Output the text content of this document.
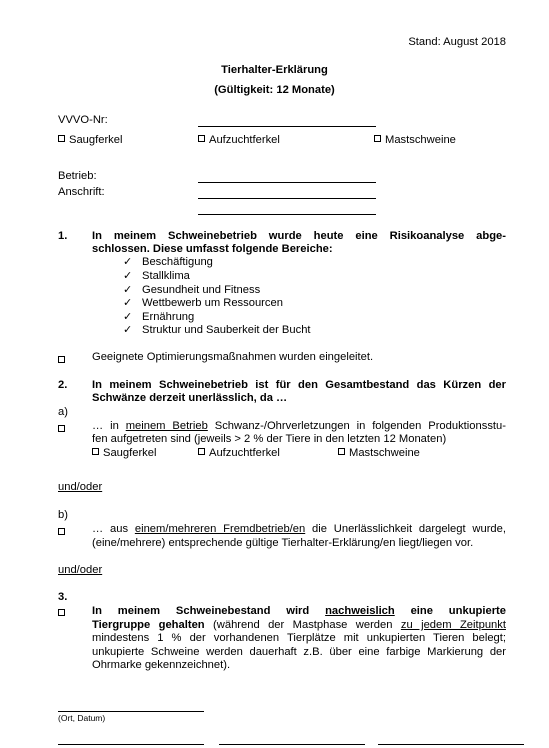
Stand: August 2018
Tierhalter-Erklärung
(Gültigkeit: 12 Monate)
VVVO-Nr:
Saugferkel	Aufzuchtferkel	Mastschweine
Betrieb:
Anschrift:
1. In meinem Schweinebetrieb wurde heute eine Risikoanalyse abge-
schlossen. Diese umfasst folgende Bereiche:
✓ Beschäftigung
✓ Stallklima
✓ Gesundheit und Fitness
✓ Wettbewerb um Ressourcen
✓ Ernährung
✓ Struktur und Sauberkeit der Bucht
Geeignete Optimierungsmaßnahmen wurden eingeleitet.
2. In meinem Schweinebetrieb ist für den Gesamtbestand das Kürzen der
Schwänze derzeit unerlässlich, da …
a)
… in meinem Betrieb Schwanz-/Ohrverletzungen in folgenden Produktionsstu-
fen aufgetreten sind (jeweils > 2 % der Tiere in den letzten 12 Monaten)
Saugferkel	Aufzuchtferkel	Mastschweine
und/oder
b)
… aus einem/mehreren Fremdbetrieb/en die Unerlässlichkeit dargelegt wurde,
(eine/mehrere) entsprechende gültige Tierhalter-Erklärung/en liegt/liegen vor.
und/oder
3.
In meinem Schweinebestand wird nachweislich eine unkupierte
Tiergruppe gehalten (während der Mastphase werden zu jedem Zeitpunkt
mindestens 1 % der vorhandenen Tierplätze mit unkupierten Tieren belegt;
unkupierte Schweine werden dauerhaft z.B. über eine farbige Markierung der
Ohrmarke gekennzeichnet).
(Ort, Datum)
